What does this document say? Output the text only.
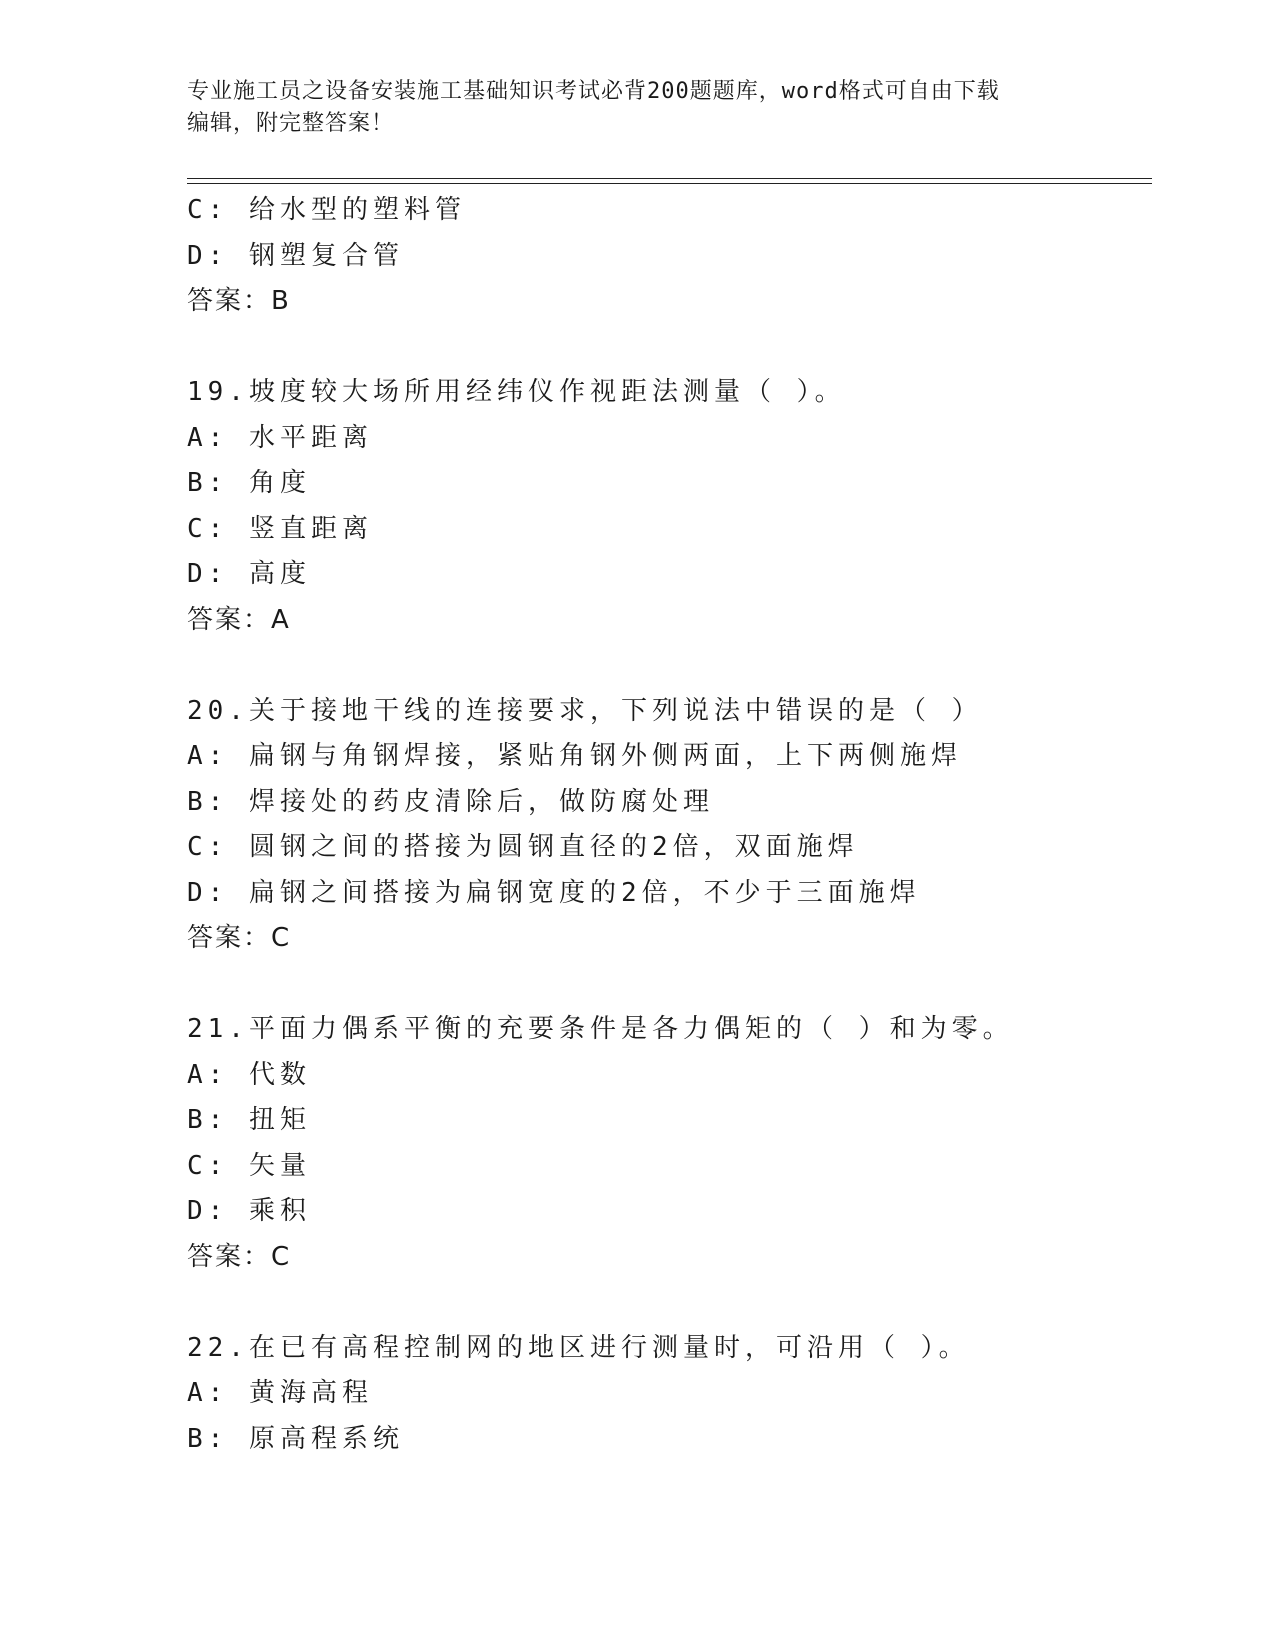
专业施工员之设备安装施工基础知识考试必背200题题库，word格式可自由下载
编辑，附完整答案！
C: 给水型的塑料管
D: 钢塑复合管
答案：B
19.坡度较大场所用经纬仪作视距法测量（ ）。
A: 水平距离
B: 角度
C: 竖直距离
D: 高度
答案：A
20.关于接地干线的连接要求，下列说法中错误的是（ ）
A: 扁钢与角钢焊接，紧贴角钢外侧两面，上下两侧施焊
B: 焊接处的药皮清除后，做防腐处理
C: 圆钢之间的搭接为圆钢直径的2倍，双面施焊
D: 扁钢之间搭接为扁钢宽度的2倍，不少于三面施焊
答案：C
21.平面力偶系平衡的充要条件是各力偶矩的（ ）和为零。
A: 代数
B: 扭矩
C: 矢量
D: 乘积
答案：C
22.在已有高程控制网的地区进行测量时，可沿用（ ）。
A: 黄海高程
B: 原高程系统
